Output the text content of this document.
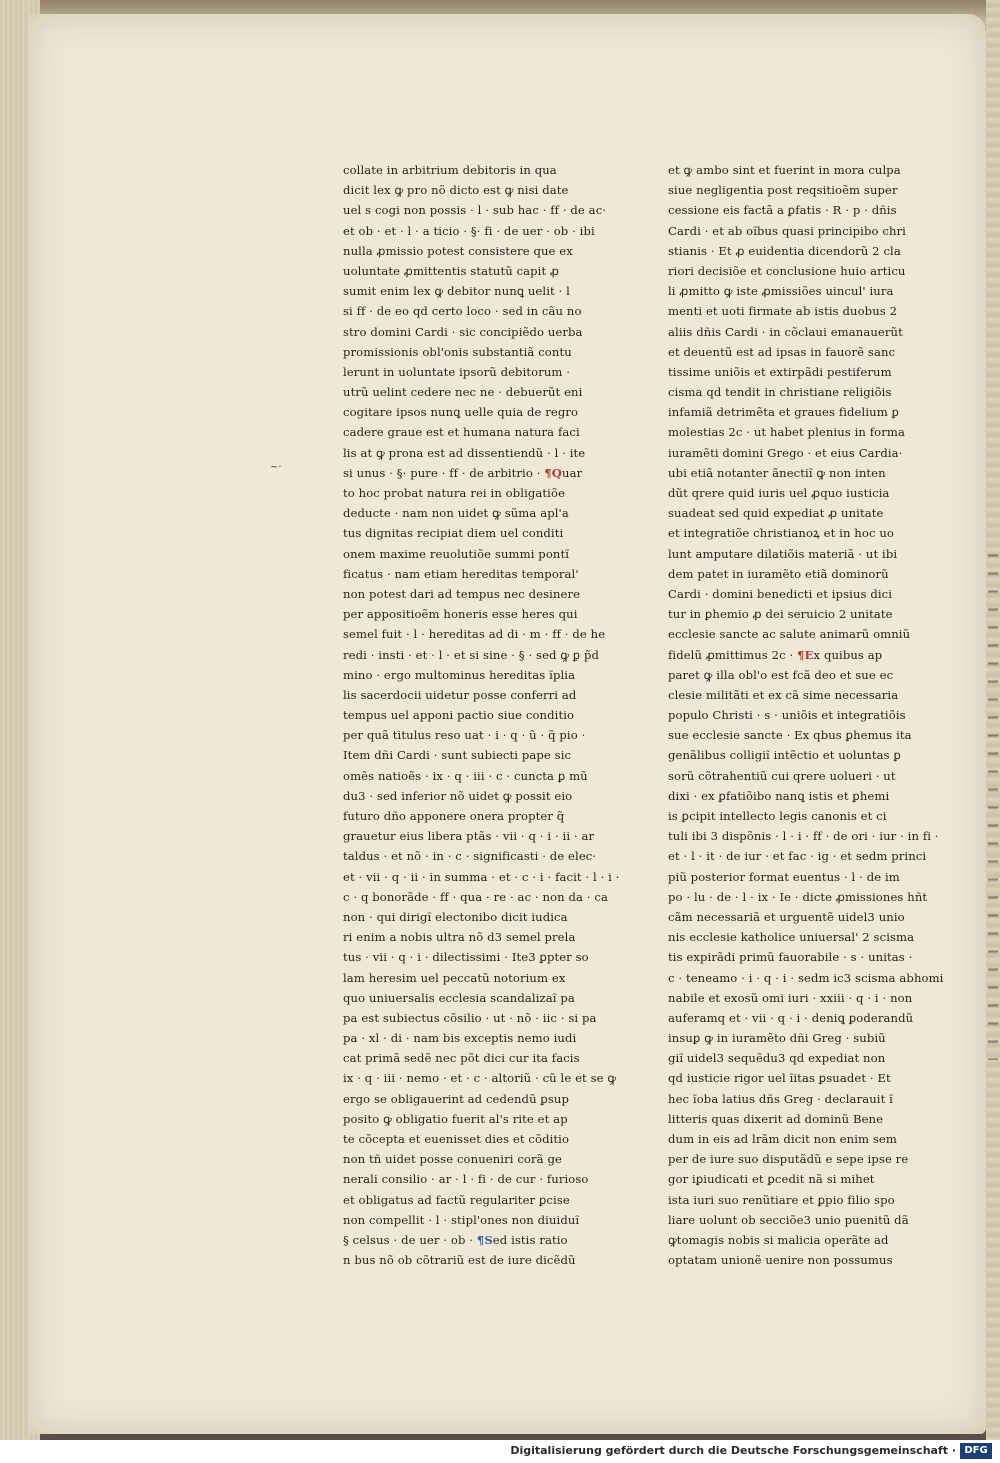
~·
collate in arbitrium debitoris in qua
dicit lex ꝙ pro nõ dicto est ꝙ nisi date
uel s cogi non possis · l · sub hac · ff · de ac·
et ob · et · l · a ticio · §· fi · de uer · ob · ibi
nulla ꝓmissio potest consistere que ex
uoluntate ꝓmittentis statutũ capit ꝓ
sumit enim lex ꝙ debitor nunꝗ uelit · l
si ff · de eo qd certo loco · sed in cãu no
stro domini Cardi · sic concipiẽdo uerba
promissionis obl'onis substantiã contu
lerunt in uoluntate ipsorũ debitorum ·
utrũ uelint cedere nec ne · debuerũt eni
cogitare ipsos nunꝗ uelle quia de regro
cadere graue est et humana natura faci
lis at ꝙ prona est ad dissentiendũ · l · ite
si unus · §· pure · ff · de arbitrio · ¶Quar
to hoc probat natura rei in obligatiõe
deducte · nam non uidet ꝙ sũma apl'a
tus dignitas recipiat diem uel conditi
onem maxime reuolutiõe summi pontĩ
ficatus · nam etiam hereditas temporal'
non potest dari ad tempus nec desinere
per appositioẽm honeris esse heres qui
semel fuit · l · hereditas ad di · m · ff · de he
redi · insti · et · l · et si sine · § · sed ꝙ ꝑ p̃d
mino · ergo multominus hereditas ĩplia
lis sacerdocii uidetur posse conferri ad
tempus uel apponi pactio siue conditio
per quã titulus reso uat · i · q · ũ · q̃ pio ·
Item dñi Cardi · sunt subiecti pape sic
omẽs natioẽs · ix · q · iii · c · cuncta ꝑ mũ
du3 · sed inferior nõ uidet ꝙ possit eio
futuro dño apponere onera propter q̃
grauetur eius libera ptãs · vii · q · i · ii · ar
taldus · et nõ · in · c · significasti · de elec·
et · vii · q · ii · in summa · et · c · i · facit · l · i ·
c · q bonorãde · ff · qua · re · ac · non da · ca
non · qui dirigĩ electonibo dicit iudica
ri enim a nobis ultra nõ d3 semel prela
tus · vii · q · i · dilectissimi · Ite3 ꝑpter so
lam heresim uel peccatũ notorium ex
quo uniuersalis ecclesia scandalizaĩ pa
pa est subiectus cõsilio · ut · nõ · iic · si pa
pa · xl · di · nam bis exceptis nemo iudi
cat primã sedẽ nec põt dici cur ita facis
ix · q · iii · nemo · et · c · altoriũ · cũ le et se ꝙ
ergo se obligauerint ad cedendũ ꝑsup
posito ꝙ obligatio fuerit al's rite et ap
te cõcepta et euenisset dies et cõditio
non tñ uidet posse conueniri corã ge
nerali consilio · ar · l · fi · de cur · furioso
et obligatus ad factũ regulariter ꝑcise
non compellit · l · stipl'ones non diuiduĩ
§ celsus · de uer · ob · ¶Sed istis ratio
n bus nõ ob cõtrariũ est de iure dicẽdũ
et ꝙ ambo sint et fuerint in mora culpa
siue negligentia post reqsitioẽm super
cessione eis factã a ꝑfatis · R · p · dñis
Cardi · et ab oĩbus quasi principibo chri
stianis · Et ꝓ euidentia dicendorũ 2 cla
riori decisiõe et conclusione huio articu
li ꝓmitto ꝙ iste ꝓmissiões uincul' iura
menti et uoti firmate ab istis duobus 2
aliis dñis Cardi · in cõclaui emanauerũt
et deuentũ est ad ipsas in fauorẽ sanc
tissime uniõis et extirpãdi pestiferum
cisma qd tendit in christiane religiõis
infamiã detrimẽta et graues fidelium ꝑ
molestias 2c · ut habet plenius in forma
iuramẽti domini Grego · et eius Cardia·
ubi etiã notanter ãnectiĩ ꝙ non inten
dũt qrere quid iuris uel ꝓquo iusticia
suadeat sed quid expediat ꝓ unitate
et integratiõe christianoꝝ et in hoc uo
lunt amputare dilatiõis materiã · ut ibi
dem patet in iuramẽto etiã dominorũ
Cardi · domini benedicti et ipsius dici
tur in ꝑhemio ꝓ dei seruicio 2 unitate
ecclesie sancte ac salute animarũ omniũ
fidelũ ꝓmittimus 2c · ¶Ex quibus ap
paret ꝙ illa obl'o est fcã deo et sue ec
clesie militãti et ex cã sime necessaria
populo Christi · s · uniõis et integratiõis
sue ecclesie sancte · Ex qbus ꝑhemus ita
genãlibus colligiĩ intẽctio et uoluntas ꝑ
sorũ cõtrahentiũ cui qrere uolueri · ut
dixi · ex ꝑfatiõibo nanꝗ istis et ꝑhemi
is ꝑcipit intellecto legis canonis et ci
tuli ibi 3 dispõnis · l · i · ff · de ori · iur · in fi ·
et · l · it · de iur · et fac · ig · et sedm princi
piũ posterior format euentus · l · de im
po · lu · de · l · ix · Ie · dicte ꝓmissiones hñt
cãm necessariã et urguentẽ uidel3 unio
nis ecclesie katholice uniuersal' 2 scisma
tis expirãdi primũ fauorabile · s · unitas ·
c · teneamo · i · q · i · sedm ic3 scisma abhomi
nabile et exosũ omi iuri · xxiii · q · i · non
auferamq et · vii · q · i · deniꝗ ꝑoderandũ
insuꝑ ꝙ in iuramẽto dñi Greg · subiũ
giĩ uidel3 sequẽdu3 qd expediat non
qd iusticie rigor uel ĩitas ꝑsuadet · Et
hec ĩoba latius dñs Greg · declarauit ĩ
litteris quas dixerit ad dominũ Bene
dum in eis ad lrãm dicit non enim sem
per de iure suo disputãdũ e sepe ipse re
gor iꝑiudicati et ꝑcedit nã si mihet
ista iuri suo renũtiare et ꝑpio filio spo
liare uolunt ob secciõe3 unio puenitũ dã
ꝙtomagis nobis si malicia operãte ad
optatam unionẽ uenire non possumus
Digitalisierung gefördert durch die Deutsche Forschungsgemeinschaft · DFG
